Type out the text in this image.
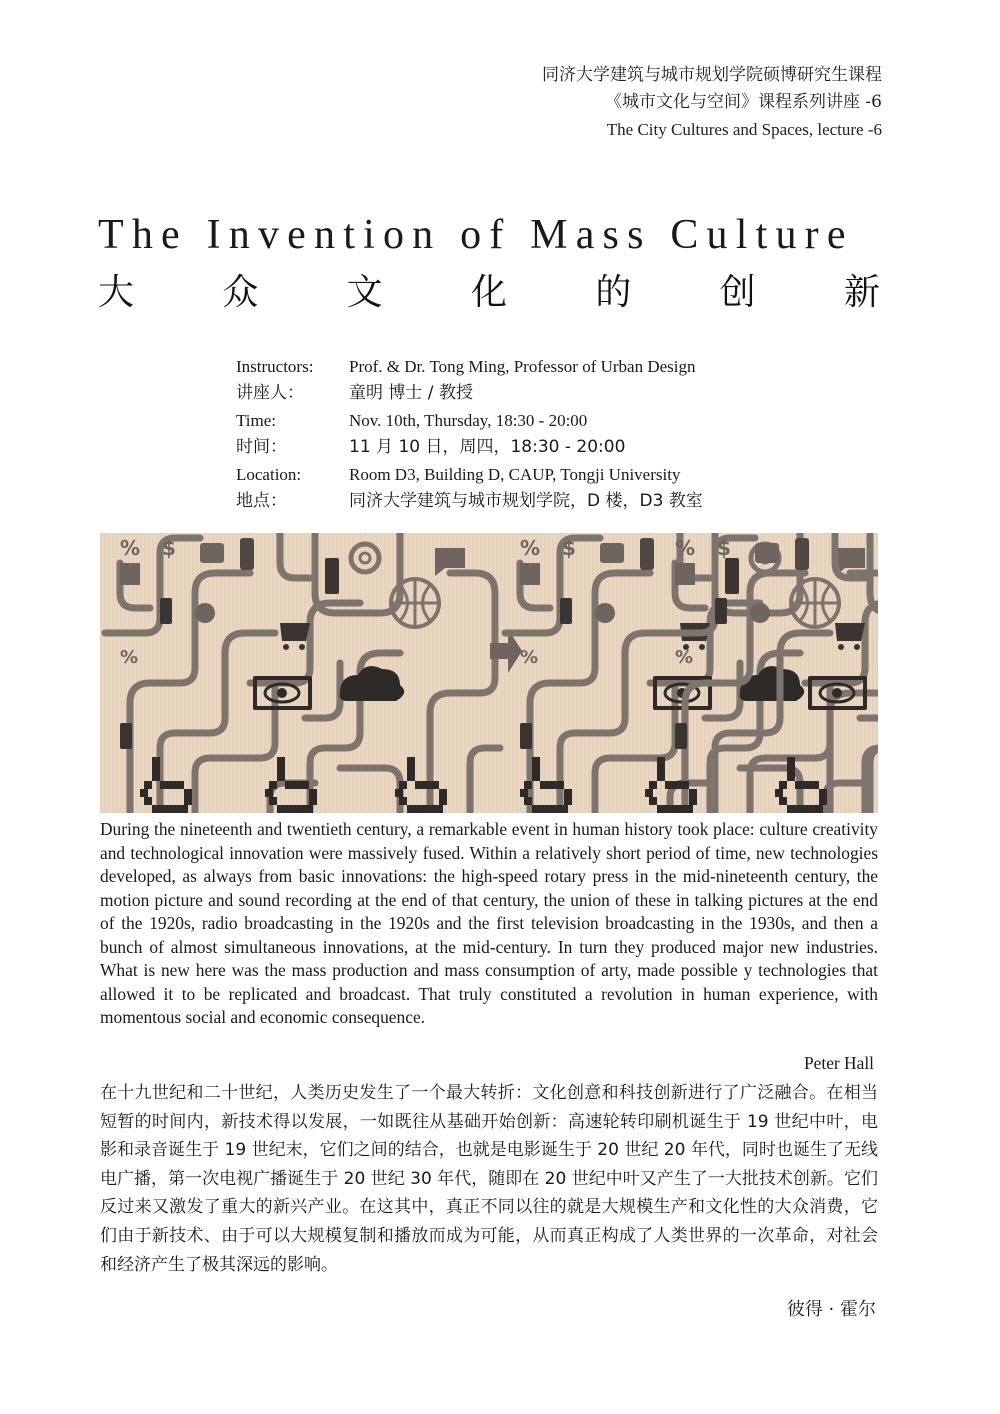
同济大学建筑与城市规划学院硕博研究生课程
《城市文化与空间》课程系列讲座 -6
The City Cultures and Spaces, lecture -6
The Invention of Mass Culture
大 众 文 化 的 创 新
Instructors:	Prof. & Dr. Tong Ming, Professor of Urban Design
讲座人：	童明 博士 / 教授
Time:	Nov. 10th, Thursday, 18:30 - 20:00
时间：	11 月 10 日，周四，18:30 - 20:00
Location:	Room D3, Building D, CAUP, Tongji University
地点：	同济大学建筑与城市规划学院，D 楼，D3 教室

During the nineteenth and twentieth century, a remarkable event in human history took place: culture creativity and technological innovation were massively fused. Within a relatively short period of time, new technologies developed, as always from basic innovations: the high-speed rotary press in the mid-nineteenth century, the motion picture and sound recording at the end of that century, the union of these in talking pictures at the end of the 1920s, radio broadcasting in the 1920s and the first television broadcasting in the 1930s, and then a bunch of almost simultaneous innovations, at the mid-century. In turn they produced major new industries. What is new here was the mass production and mass consumption of arty, made possible y technologies that allowed it to be replicated and broadcast. That truly constituted a revolution in human experience, with momentous social and economic consequence.

Peter Hall

在十九世纪和二十世纪，人类历史发生了一个最大转折：文化创意和科技创新进行了广泛融合。在相当短暂的时间内，新技术得以发展，一如既往从基础开始创新：高速轮转印刷机诞生于 19 世纪中叶，电影和录音诞生于 19 世纪末，它们之间的结合，也就是电影诞生于 20 世纪 20 年代，同时也诞生了无线电广播，第一次电视广播诞生于 20 世纪 30 年代，随即在 20 世纪中叶又产生了一大批技术创新。它们反过来又激发了重大的新兴产业。在这其中，真正不同以往的就是大规模生产和文化性的大众消费，它们由于新技术、由于可以大规模复制和播放而成为可能，从而真正构成了人类世界的一次革命，对社会和经济产生了极其深远的影响。

彼得 · 霍尔
